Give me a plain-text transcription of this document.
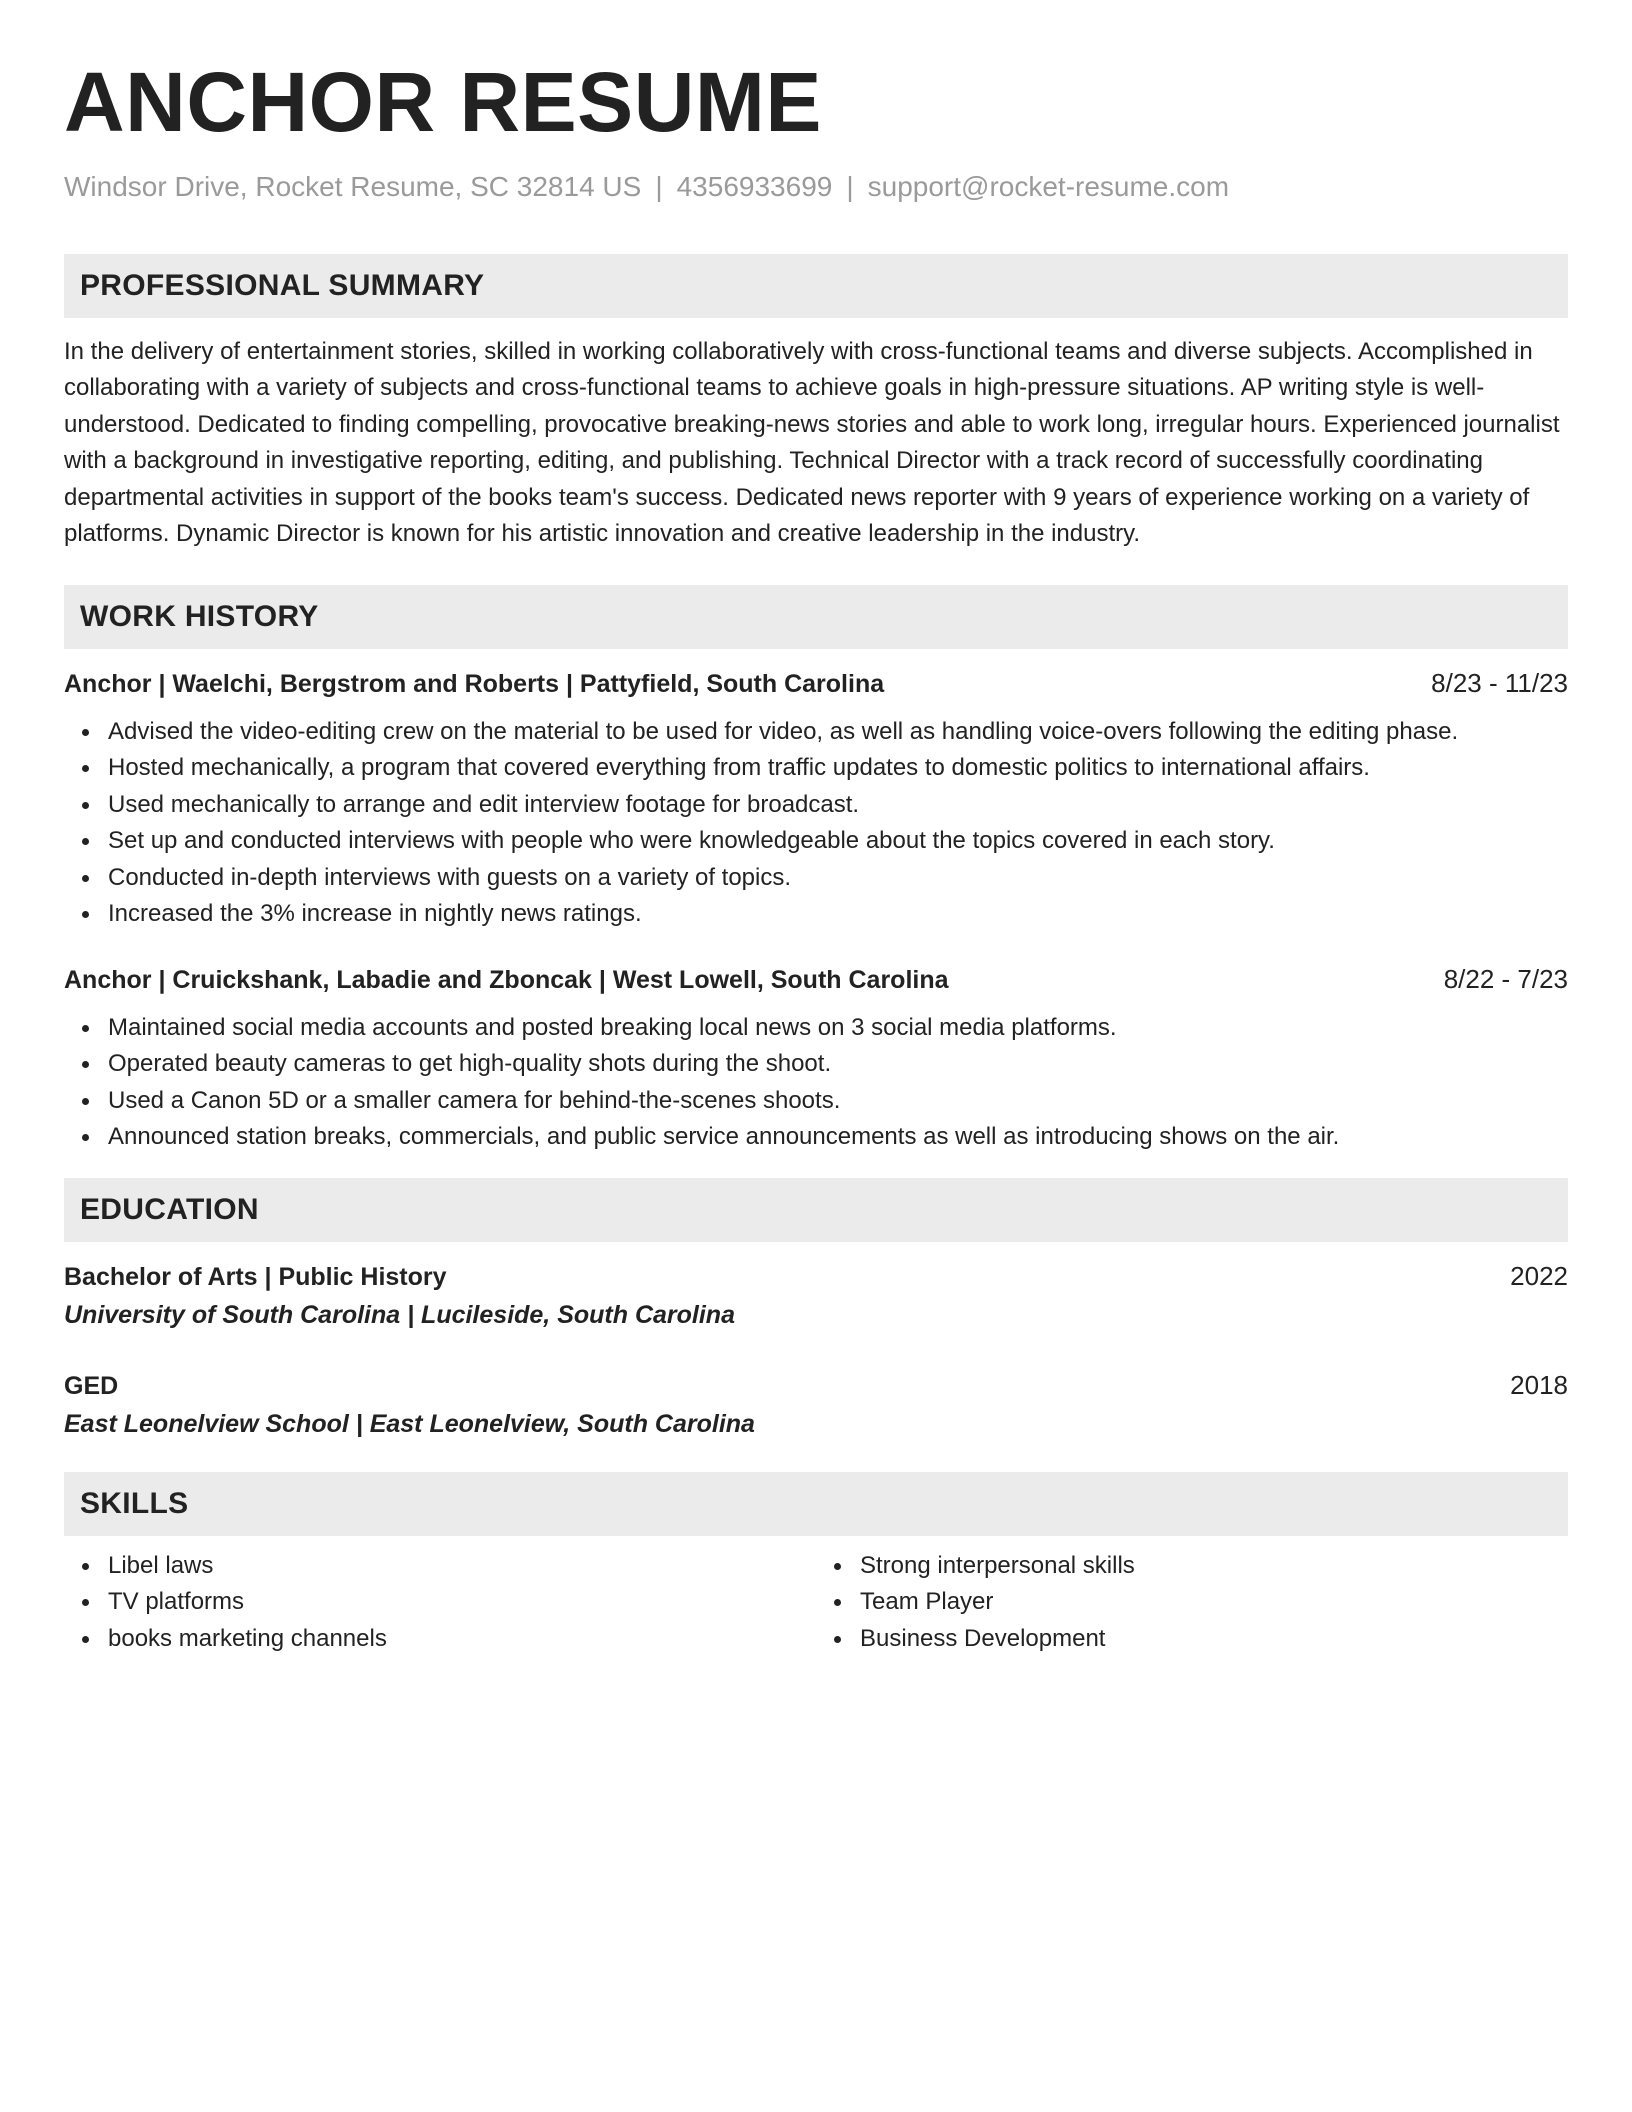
ANCHOR RESUME
Windsor Drive, Rocket Resume, SC 32814 US | 4356933699 | support@rocket-resume.com
PROFESSIONAL SUMMARY
In the delivery of entertainment stories, skilled in working collaboratively with cross-functional teams and diverse subjects. Accomplished in collaborating with a variety of subjects and cross-functional teams to achieve goals in high-pressure situations. AP writing style is well-understood. Dedicated to finding compelling, provocative breaking-news stories and able to work long, irregular hours. Experienced journalist with a background in investigative reporting, editing, and publishing. Technical Director with a track record of successfully coordinating departmental activities in support of the books team's success. Dedicated news reporter with 9 years of experience working on a variety of platforms. Dynamic Director is known for his artistic innovation and creative leadership in the industry.
WORK HISTORY
Anchor | Waelchi, Bergstrom and Roberts | Pattyfield, South Carolina	8/23 - 11/23
Advised the video-editing crew on the material to be used for video, as well as handling voice-overs following the editing phase.
Hosted mechanically, a program that covered everything from traffic updates to domestic politics to international affairs.
Used mechanically to arrange and edit interview footage for broadcast.
Set up and conducted interviews with people who were knowledgeable about the topics covered in each story.
Conducted in-depth interviews with guests on a variety of topics.
Increased the 3% increase in nightly news ratings.
Anchor | Cruickshank, Labadie and Zboncak | West Lowell, South Carolina	8/22 - 7/23
Maintained social media accounts and posted breaking local news on 3 social media platforms.
Operated beauty cameras to get high-quality shots during the shoot.
Used a Canon 5D or a smaller camera for behind-the-scenes shoots.
Announced station breaks, commercials, and public service announcements as well as introducing shows on the air.
EDUCATION
Bachelor of Arts | Public History	2022
University of South Carolina | Lucileside, South Carolina
GED	2018
East Leonelview School | East Leonelview, South Carolina
SKILLS
Libel laws
TV platforms
books marketing channels
Strong interpersonal skills
Team Player
Business Development
